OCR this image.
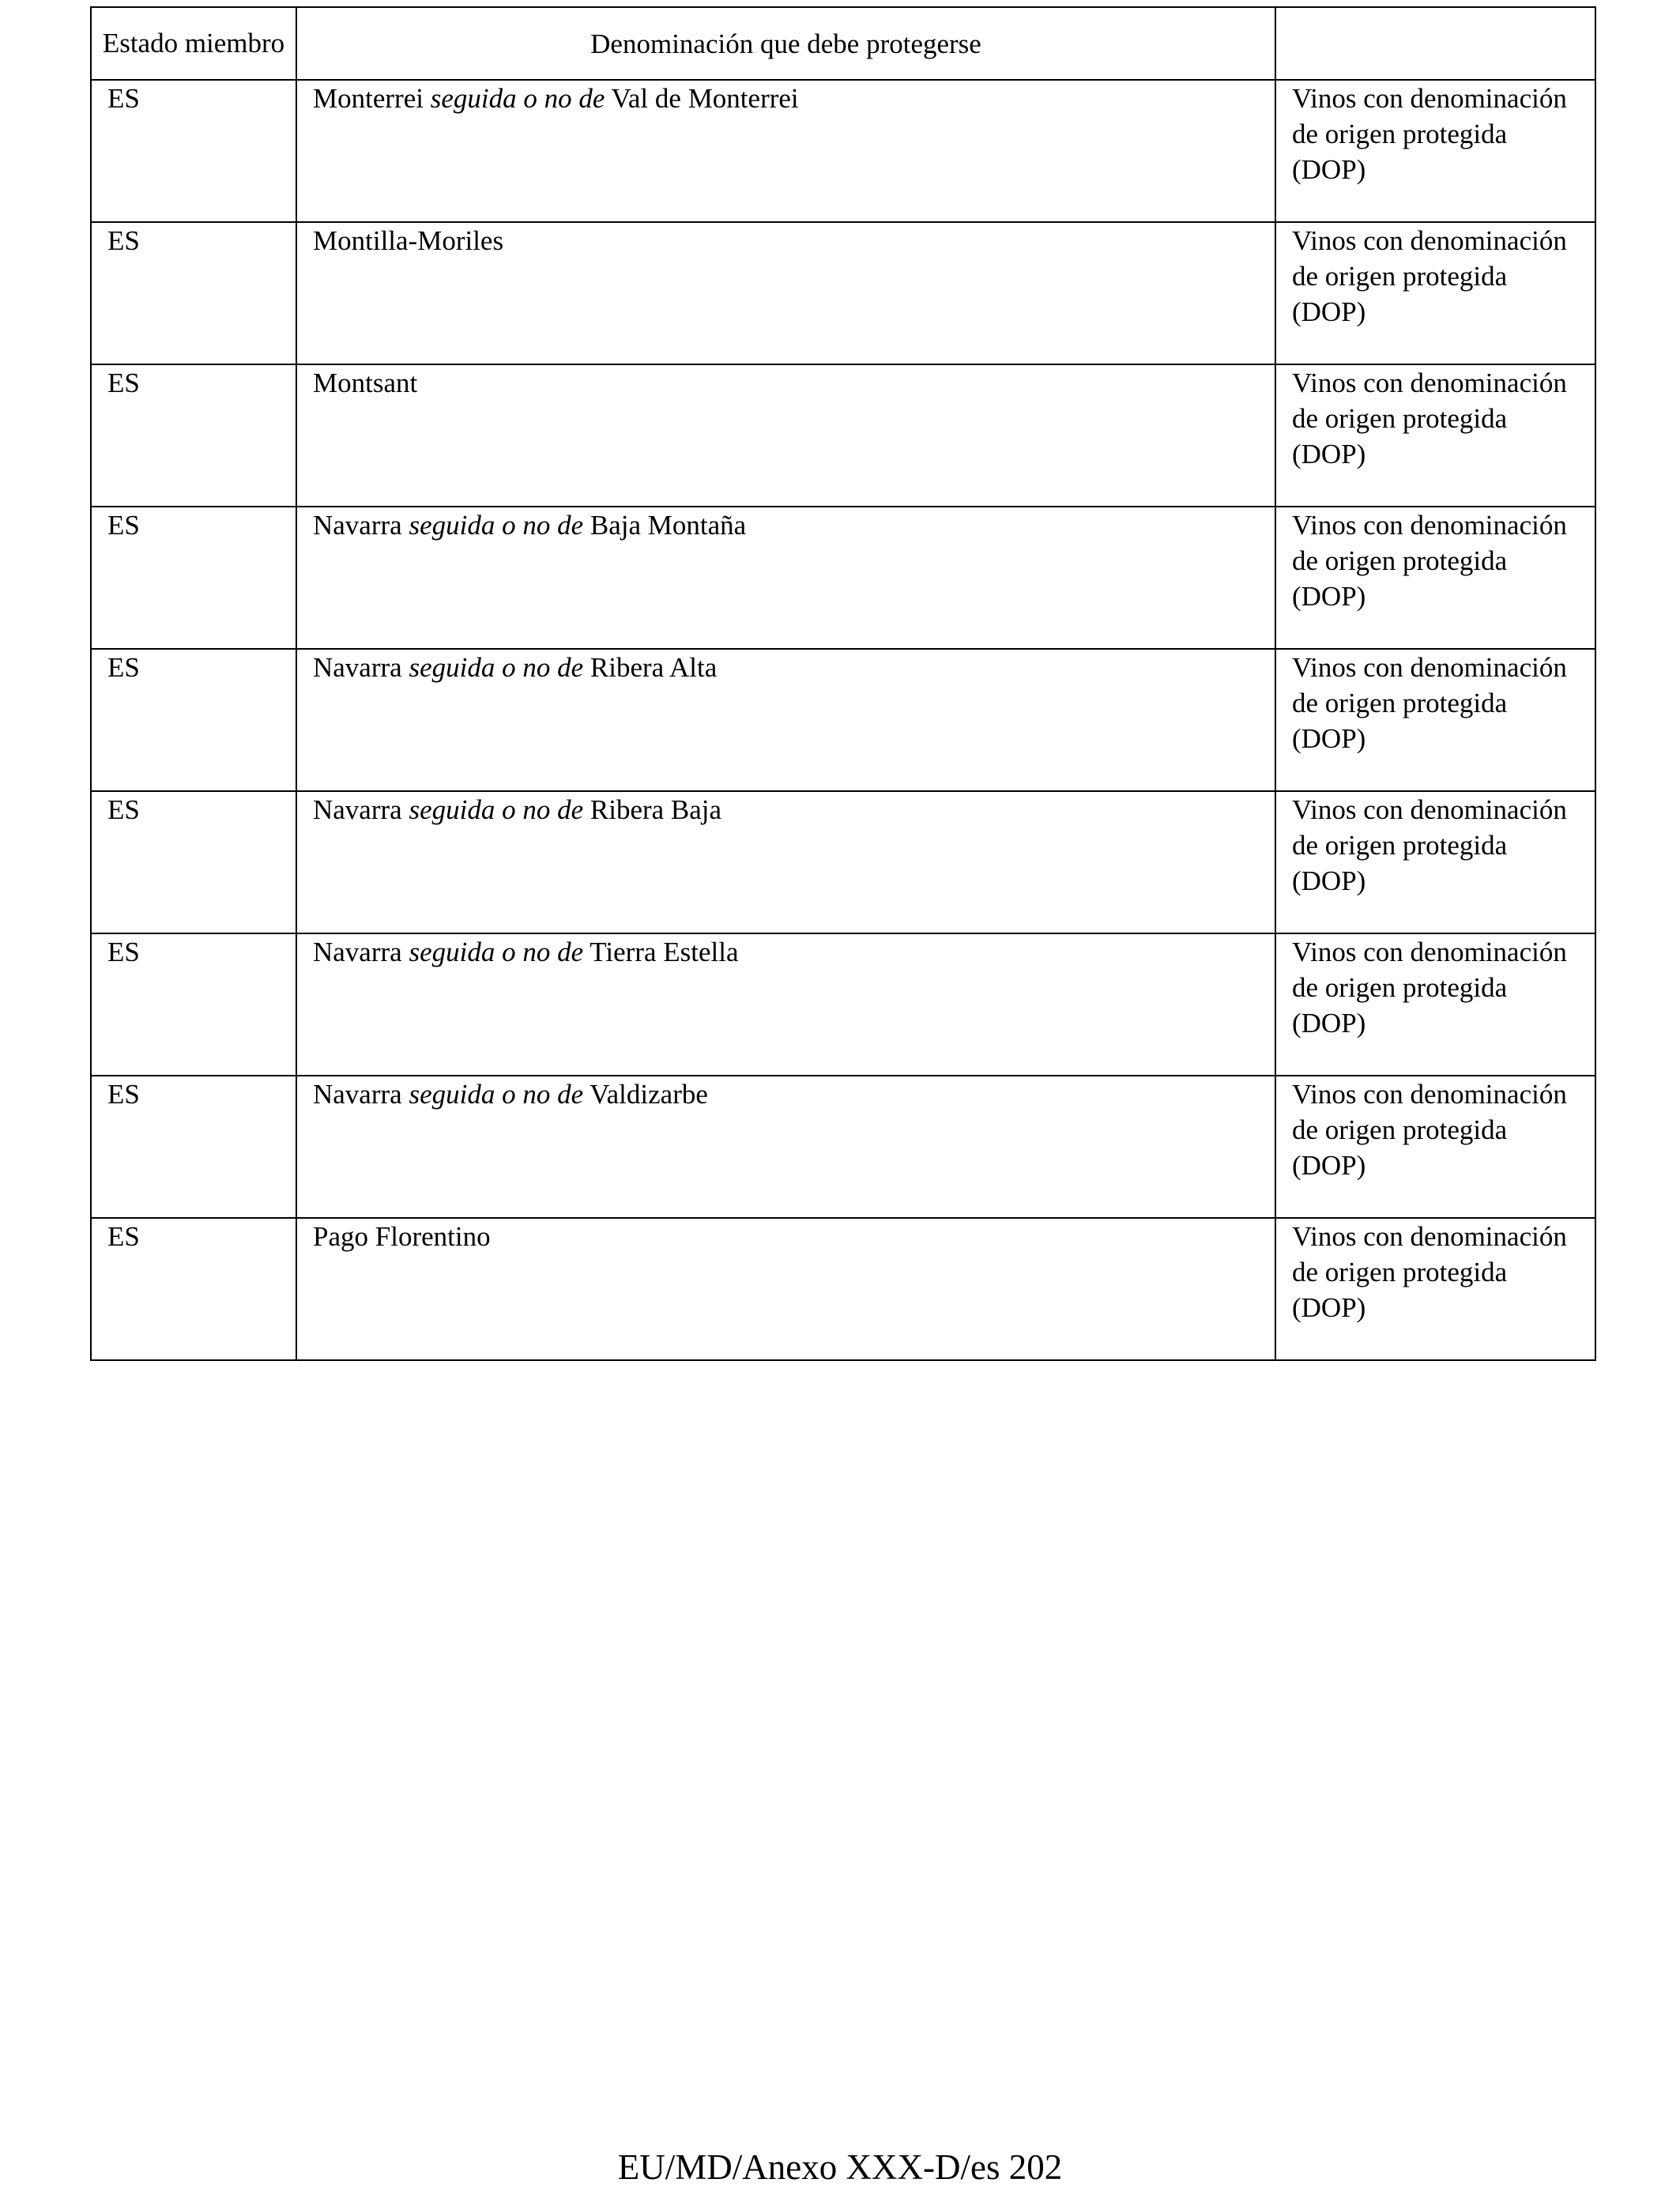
Estado miembro	Denominación que debe protegerse	
ES	Monterrei seguida o no de Val de Monterrei	Vinos con denominación de origen protegida (DOP)
ES	Montilla-Moriles	Vinos con denominación de origen protegida (DOP)
ES	Montsant	Vinos con denominación de origen protegida (DOP)
ES	Navarra seguida o no de Baja Montaña	Vinos con denominación de origen protegida (DOP)
ES	Navarra seguida o no de Ribera Alta	Vinos con denominación de origen protegida (DOP)
ES	Navarra seguida o no de Ribera Baja	Vinos con denominación de origen protegida (DOP)
ES	Navarra seguida o no de Tierra Estella	Vinos con denominación de origen protegida (DOP)
ES	Navarra seguida o no de Valdizarbe	Vinos con denominación de origen protegida (DOP)
ES	Pago Florentino	Vinos con denominación de origen protegida (DOP)
EU/MD/Anexo XXX-D/es 202
